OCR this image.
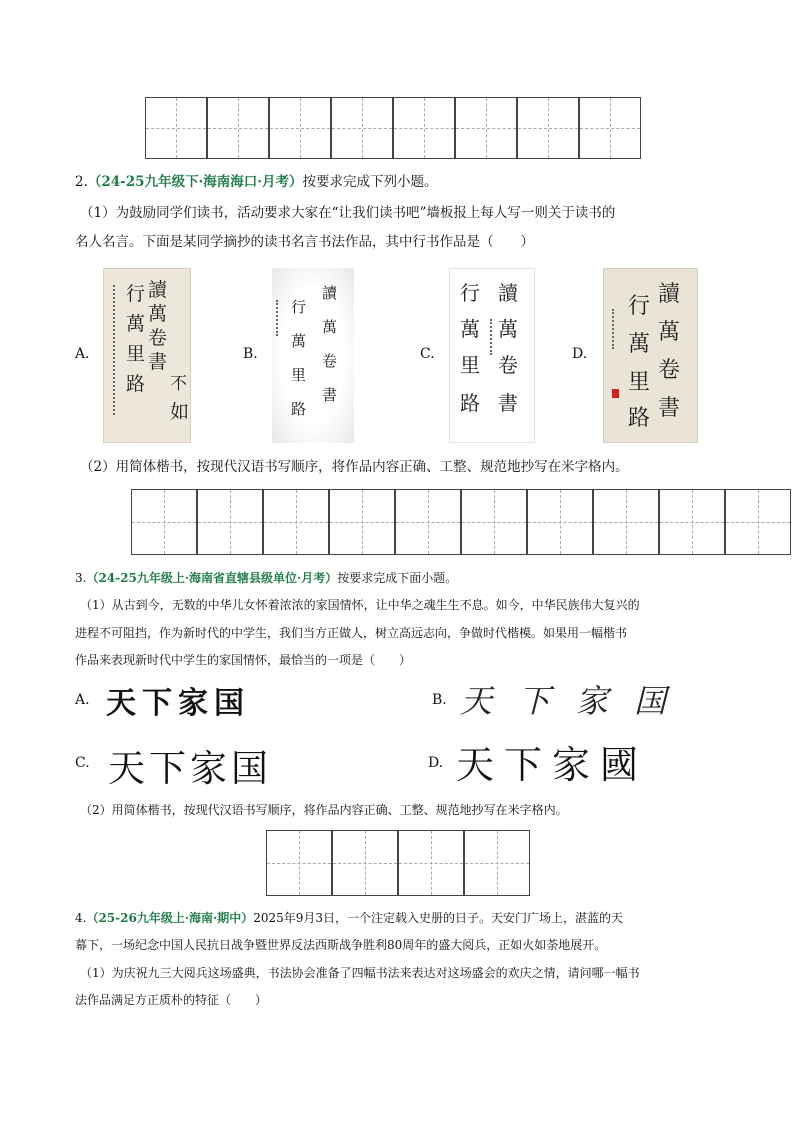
2.（24-25九年级下·海南海口·月考）按要求完成下列小题。
（1）为鼓励同学们读书，活动要求大家在“让我们读书吧”墙板报上每人写一则关于读书的
名人名言。下面是某同学摘抄的读书名言书法作品，其中行书作品是（　　）
A.
讀
萬
卷
書
不
如
行
萬
里
路
B.
讀
萬
卷
書
行
萬
里
路
C.
讀
萬
卷
書
行
萬
里
路
D.
讀
萬
卷
書
行
萬
里
路
（2）用简体楷书，按现代汉语书写顺序，将作品内容正确、工整、规范地抄写在米字格内。
3.（24-25九年级上·海南省直辖县级单位·月考）按要求完成下面小题。
（1）从古到今，无数的中华儿女怀着浓浓的家国情怀，让中华之魂生生不息。如今，中华民族伟大复兴的
进程不可阻挡，作为新时代的中学生，我们当方正做人，树立高远志向，争做时代楷模。如果用一幅楷书
作品来表现新时代中学生的家国情怀，最恰当的一项是（　　）
A. 天下家国	B. 天下家国
C. 天下家国	D. 天下家國
（2）用简体楷书，按现代汉语书写顺序，将作品内容正确、工整、规范地抄写在米字格内。
4.（25-26九年级上·海南·期中）2025年9月3日，一个注定载入史册的日子。天安门广场上，湛蓝的天
幕下，一场纪念中国人民抗日战争暨世界反法西斯战争胜利80周年的盛大阅兵，正如火如荼地展开。
（1）为庆祝九三大阅兵这场盛典，书法协会准备了四幅书法来表达对这场盛会的欢庆之情，请问哪一幅书
法作品满足方正质朴的特征（　　）
